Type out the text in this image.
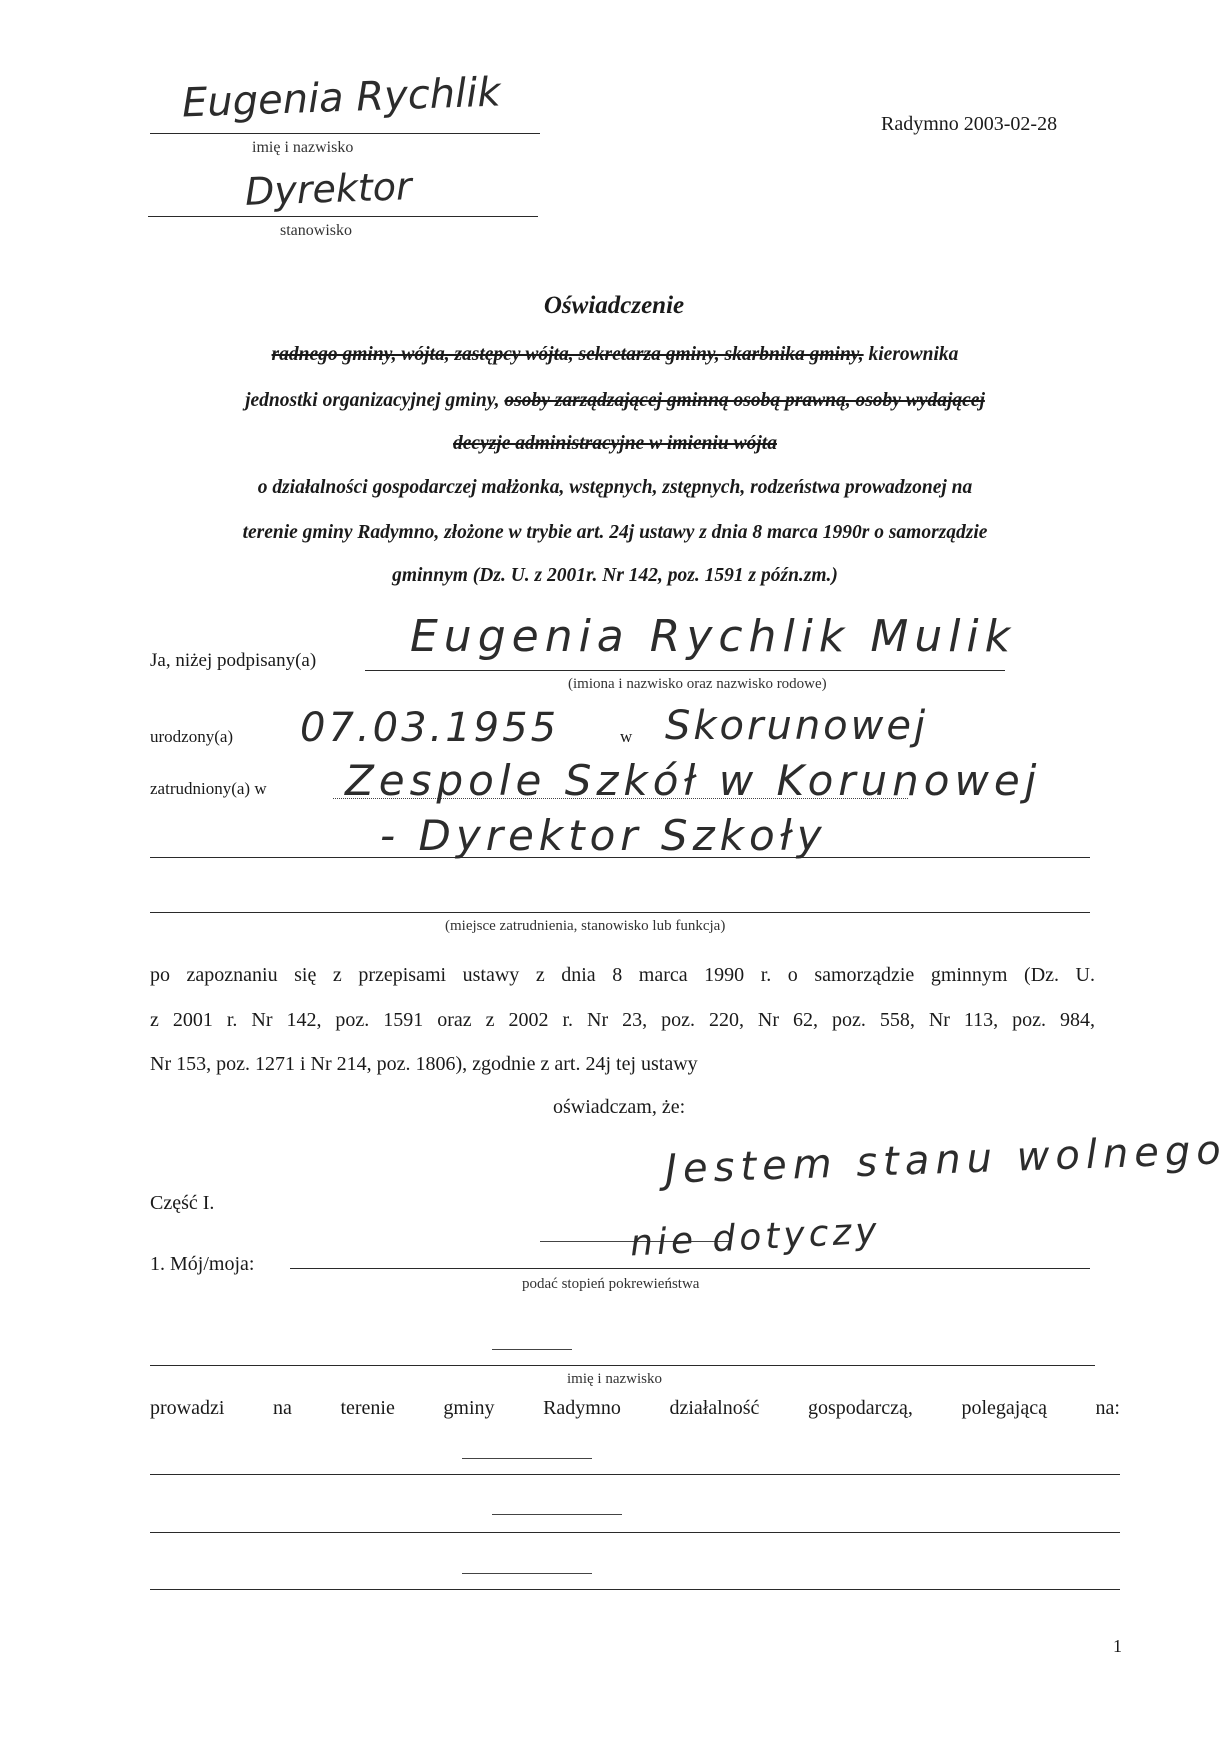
Eugenia Rychlik
imię i nazwisko
Dyrektor
stanowisko
Radymno 2003-02-28
Oświadczenie
radnego gminy, wójta, zastępcy wójta, sekretarza gminy, skarbnika gminy, kierownika
jednostki organizacyjnej gminy, osoby zarządzającej gminną osobą prawną, osoby wydającej
decyzje administracyjne w imieniu wójta
o działalności gospodarczej małżonka, wstępnych, zstępnych, rodzeństwa prowadzonej na
terenie gminy Radymno, złożone w trybie art. 24j ustawy z dnia 8 marca 1990r o samorządzie
gminnym (Dz. U. z 2001r. Nr 142, poz. 1591 z późn.zm.)
Ja, niżej podpisany(a) Eugenia Rychlik Mulik
(imiona i nazwisko oraz nazwisko rodowe)
urodzony(a) 07.03.1955	w Skorunowej
zatrudniony(a) w Zespole Szkół w Korunowej
- Dyrektor Szkoły
(miejsce zatrudnienia, stanowisko lub funkcja)
po zapoznaniu się z przepisami ustawy z dnia 8 marca 1990 r. o samorządzie gminnym (Dz. U.
z 2001 r. Nr 142, poz. 1591 oraz z 2002 r. Nr 23, poz. 220, Nr 62, poz. 558, Nr 113, poz. 984,
Nr 153, poz. 1271 i Nr 214, poz. 1806), zgodnie z art. 24j tej ustawy
oświadczam, że:
Jestem stanu wolnego
Część I.
1. Mój/moja:	nie dotyczy
podać stopień pokrewieństwa
imię i nazwisko
prowadzi na terenie gminy Radymno działalność gospodarczą, polegającą na:
1
